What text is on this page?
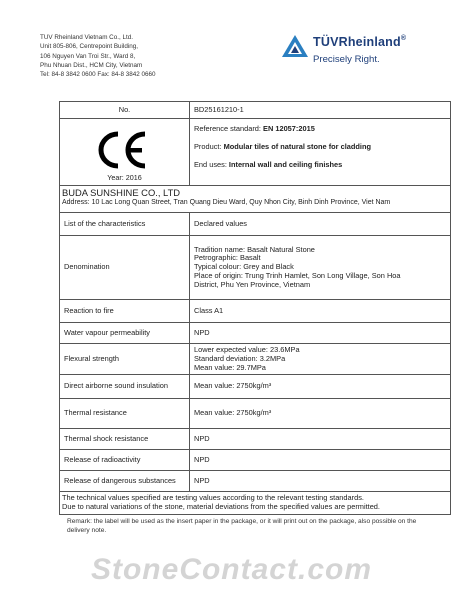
TUV Rheinland Vietnam Co., Ltd.
Unit 805-806, Centrepoint Building,
106 Nguyen Van Troi Str., Ward 8,
Phu Nhuan Dist., HCM City, Vietnam
Tel: 84-8 3842 0600 Fax: 84-8 3842 0660
TÜVRheinland®
Precisely Right.
No.	BD25161210-1

Year: 2016	Reference standard: EN 12057:2015
Product: Modular tiles of natural stone for cladding
End uses: Internal wall and ceiling finishes

BUDA SUNSHINE CO., LTD
Address: 10 Lac Long Quan Street, Tran Quang Dieu Ward, Quy Nhon City, Binh Dinh Province, Viet Nam	

List of the characteristics	Declared values
Denomination	Tradition name: Basalt Natural Stone
Petrographic: Basalt
Typical colour: Grey and Black
Place of origin: Trung Trinh Hamlet, Son Long Village, Son Hoa
District, Phu Yen Province, Vietnam

Reaction to fire	Class A1
Water vapour permeability	NPD
Flexural strength	Lower expected value: 23.6MPa
Standard deviation: 3.2MPa
Mean value: 29.7MPa

Direct airborne sound insulation	Mean value: 2750kg/m³
Thermal resistance	Mean value: 2750kg/m³
Thermal shock resistance	NPD
Release of radioactivity	NPD
Release of dangerous substances	NPD

The technical values specified are testing values according to the relevant testing standards.
Due to natural variations of the stone, material deviations from the specified values are permitted.	
Remark: the label will be used as the insert paper in the package, or it will print out on the package, also possible on the delivery note.
StoneContact.com
